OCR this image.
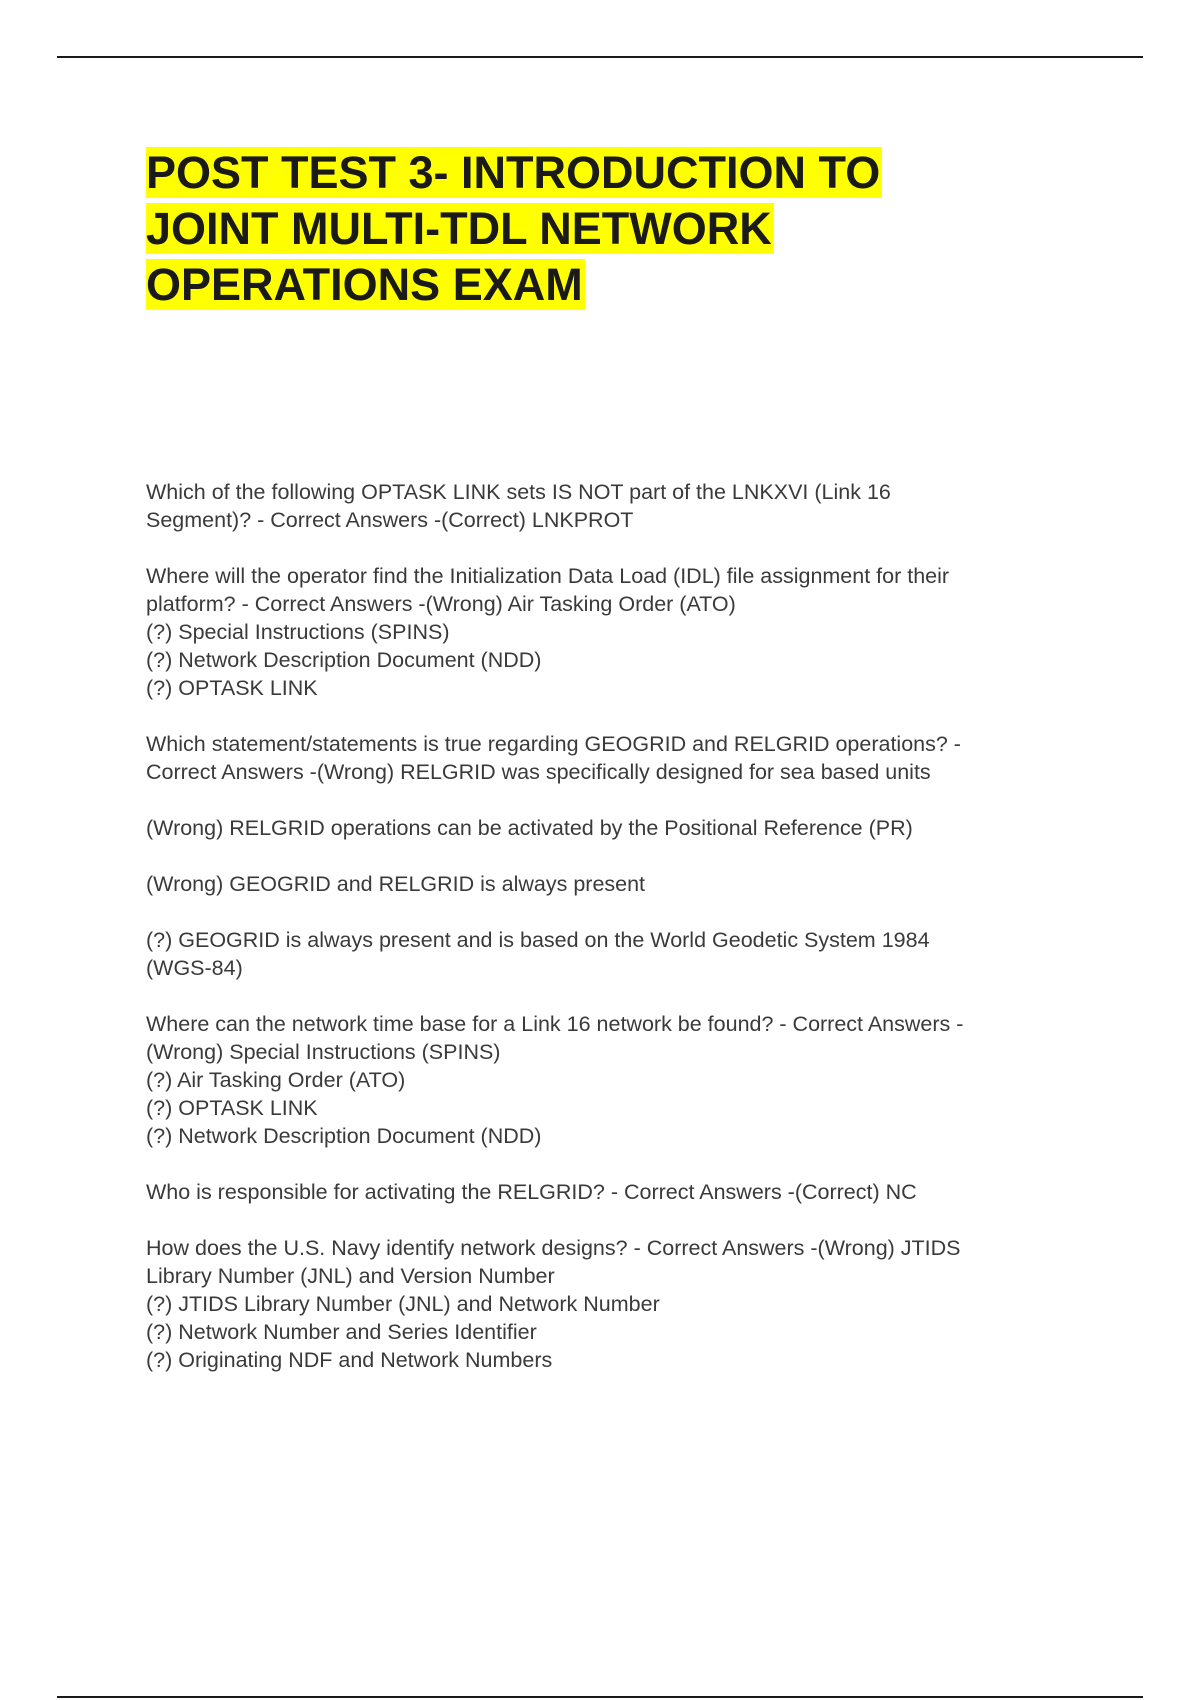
POST TEST 3- INTRODUCTION TO
JOINT MULTI-TDL NETWORK
OPERATIONS EXAM

Which of the following OPTASK LINK sets IS NOT part of the LNKXVI (Link 16
Segment)? - Correct Answers -(Correct) LNKPROT

Where will the operator find the Initialization Data Load (IDL) file assignment for their
platform? - Correct Answers -(Wrong) Air Tasking Order (ATO)
(?) Special Instructions (SPINS)
(?) Network Description Document (NDD)
(?) OPTASK LINK

Which statement/statements is true regarding GEOGRID and RELGRID operations? -
Correct Answers -(Wrong) RELGRID was specifically designed for sea based units

(Wrong) RELGRID operations can be activated by the Positional Reference (PR)

(Wrong) GEOGRID and RELGRID is always present

(?) GEOGRID is always present and is based on the World Geodetic System 1984
(WGS-84)

Where can the network time base for a Link 16 network be found? - Correct Answers -
(Wrong) Special Instructions (SPINS)
(?) Air Tasking Order (ATO)
(?) OPTASK LINK
(?) Network Description Document (NDD)

Who is responsible for activating the RELGRID? - Correct Answers -(Correct) NC

How does the U.S. Navy identify network designs? - Correct Answers -(Wrong) JTIDS
Library Number (JNL) and Version Number
(?) JTIDS Library Number (JNL) and Network Number
(?) Network Number and Series Identifier
(?) Originating NDF and Network Numbers
